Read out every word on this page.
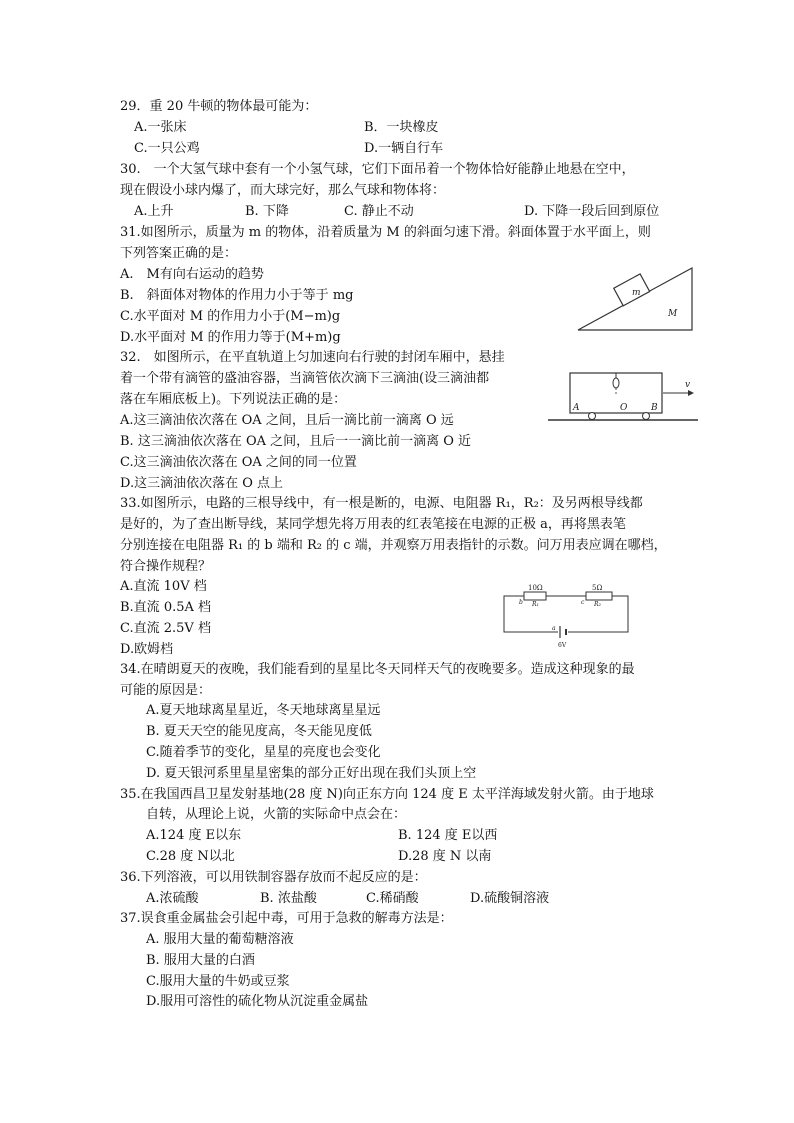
29．重 20 牛顿的物体最可能为：
A.一张床	B．一块橡皮
C.一只公鸡	D.一辆自行车
30.　一个大氢气球中套有一个小氢气球，它们下面吊着一个物体恰好能静止地悬在空中，
现在假设小球内爆了，而大球完好，那么气球和物体将：
A.上升	B. 下降	C. 静止不动	D. 下降一段后回到原位
31.如图所示，质量为 m 的物体，沿着质量为 M 的斜面匀速下滑。斜面体置于水平面上，则
下列答案正确的是：
A.　M有向右运动的趋势
B.　斜面体对物体的作用力小于等于 mg
C.水平面对 M 的作用力小于(M−m)g
D.水平面对 M 的作用力等于(M+m)g
m
M
32.　如图所示，在平直轨道上匀加速向右行驶的封闭车厢中，悬挂
着一个带有滴管的盛油容器，当滴管依次滴下三滴油(设三滴油都
落在车厢底板上)。下列说法正确的是：
A.这三滴油依次落在 OA 之间，且后一滴比前一滴离 O 远
B. 这三滴油依次落在 OA 之间，且后一一滴比前一滴离 O 近
C.这三滴油依次落在 OA 之间的同一位置
D.这三滴油依次落在 O 点上
v
A	O	B
33.如图所示，电路的三根导线中，有一根是断的，电源、电阻器 R₁，R₂：及另两根导线都
是好的，为了查出断导线，某同学想先将万用表的红表笔接在电源的正极 a，再将黑表笔
分别连接在电阻器 R₁ 的 b 端和 R₂ 的 c 端，并观察万用表指针的示数。问万用表应调在哪档，
符合操作规程？
A.直流 10V 档
B.直流 0.5A 档
C.直流 2.5V 档
D.欧姆档
10Ω	5Ω
R₁	R₂
b	c
a
6V
34.在晴朗夏天的夜晚，我们能看到的星星比冬天同样天气的夜晚要多。造成这种现象的最
可能的原因是：
A.夏天地球离星星近，冬天地球离星星远
B. 夏天天空的能见度高，冬天能见度低
C.随着季节的变化，星星的亮度也会变化
D. 夏天银河系里星星密集的部分正好出现在我们头顶上空
35.在我国西昌卫星发射基地(28 度 N)向正东方向 124 度 E 太平洋海域发射火箭。由于地球
自转，从理论上说，火箭的实际命中点会在：
A.124 度 E以东	B. 124 度 E以西
C.28 度 N以北	D.28 度 N 以南
36.下列溶液，可以用铁制容器存放而不起反应的是：
A.浓硫酸	B. 浓盐酸	C.稀硝酸	D.硫酸铜溶液
37.误食重金属盐会引起中毒，可用于急救的解毒方法是：
A. 服用大量的葡萄糖溶液
B. 服用大量的白酒
C.服用大量的牛奶或豆浆
D.服用可溶性的硫化物从沉淀重金属盐
